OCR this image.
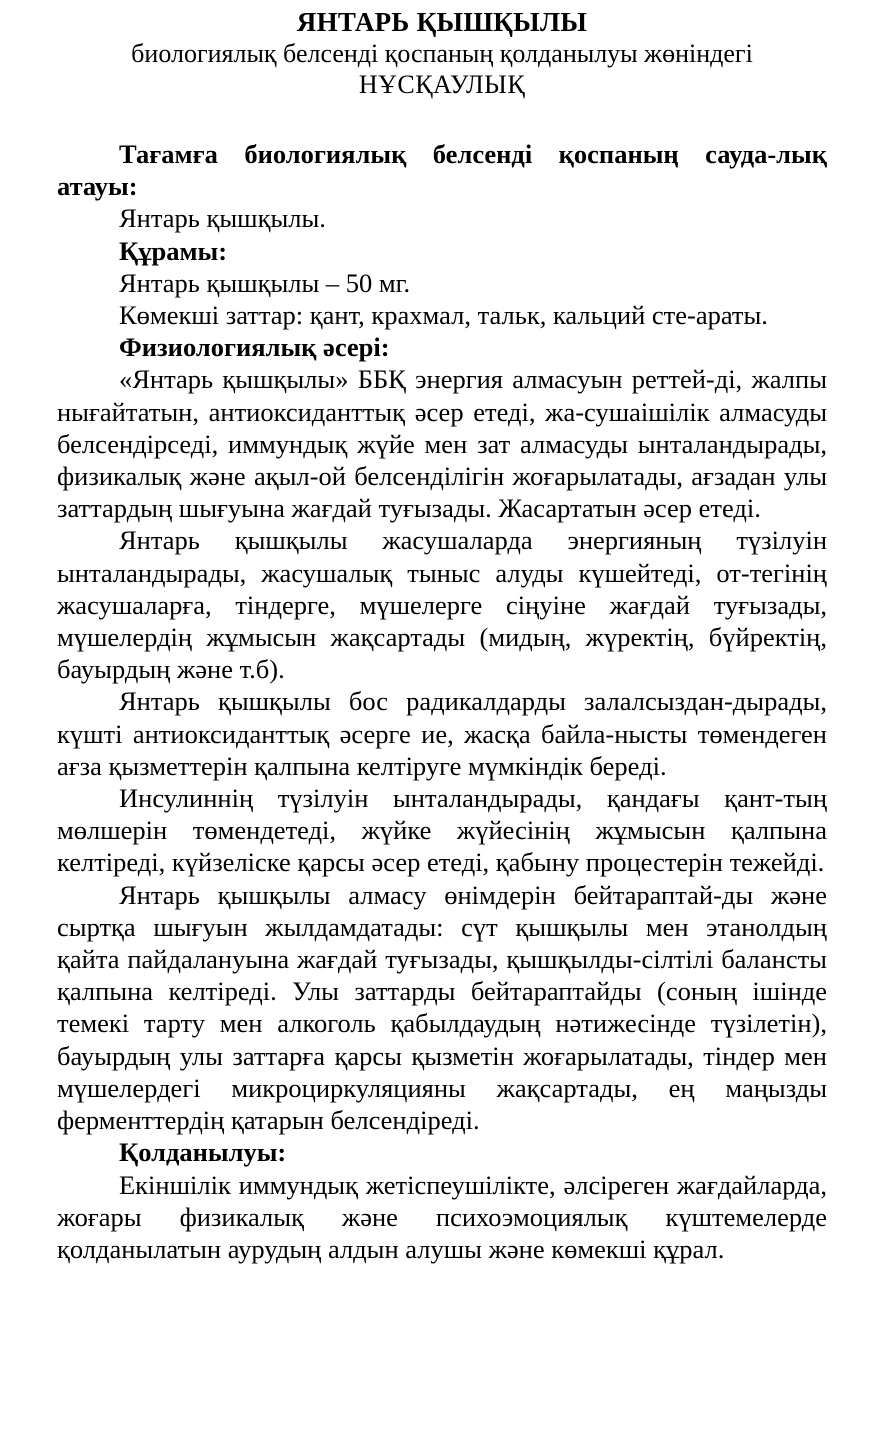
ЯНТАРЬ ҚЫШҚЫЛЫ
биологиялық белсенді қоспаның қолданылуы жөніндегі
НҰСҚАУЛЫҚ

Тағамға биологиялық белсенді қоспаның сауда-лық атауы:

Янтарь қышқылы.

Құрамы:

Янтарь қышқылы – 50 мг.

Көмекші заттар: қант, крахмал, тальк, кальций сте-араты.

Физиологиялық әсері:

«Янтарь қышқылы» ББҚ энергия алмасуын реттей-ді, жалпы нығайтатын, антиоксиданттық әсер етеді, жа-сушаішілік алмасуды белсендірседі, иммундық жүйе мен зат алмасуды ынталандырады, физикалық және ақыл-ой белсенділігін жоғарылатады, ағзадан улы заттардың шығуына жағдай туғызады. Жасартатын әсер етеді.

Янтарь қышқылы жасушаларда энергияның түзілуін ынталандырады, жасушалық тыныс алуды күшейтеді, от-тегінің жасушаларға, тіндерге, мүшелерге сіңуіне жағдай туғызады, мүшелердің жұмысын жақсартады (мидың, жүректің, бүйректің, бауырдың және т.б).

Янтарь қышқылы бос радикалдарды залалсыздан-дырады, күшті антиоксиданттық әсерге ие, жасқа байла-нысты төмендеген ағза қызметтерін қалпына келтіруге мүмкіндік береді.

Инсулиннің түзілуін ынталандырады, қандағы қант-тың мөлшерін төмендетеді, жүйке жүйесінің жұмысын қалпына келтіреді, күйзеліске қарсы әсер етеді, қабыну процестерін тежейді.

Янтарь қышқылы алмасу өнімдерін бейтараптай-ды және сыртқа шығуын жылдамдатады: сүт қышқылы мен этанолдың қайта пайдалануына жағдай туғызады, қышқылды-сілтілі балансты қалпына келтіреді. Улы заттарды бейтараптайды (соның ішінде темекі тарту мен алкоголь қабылдаудың нәтижесінде түзілетін), бауырдың улы заттарға қарсы қызметін жоғарылатады, тіндер мен мүшелердегі микроциркуляцияны жақсартады, ең маңызды ферменттердің қатарын белсендіреді.

Қолданылуы:

Екіншілік иммундық жетіспеушілікте, әлсіреген жағдайларда, жоғары физикалық және психоэмоциялық күштемелерде қолданылатын аурудың алдын алушы және көмекші құрал.
